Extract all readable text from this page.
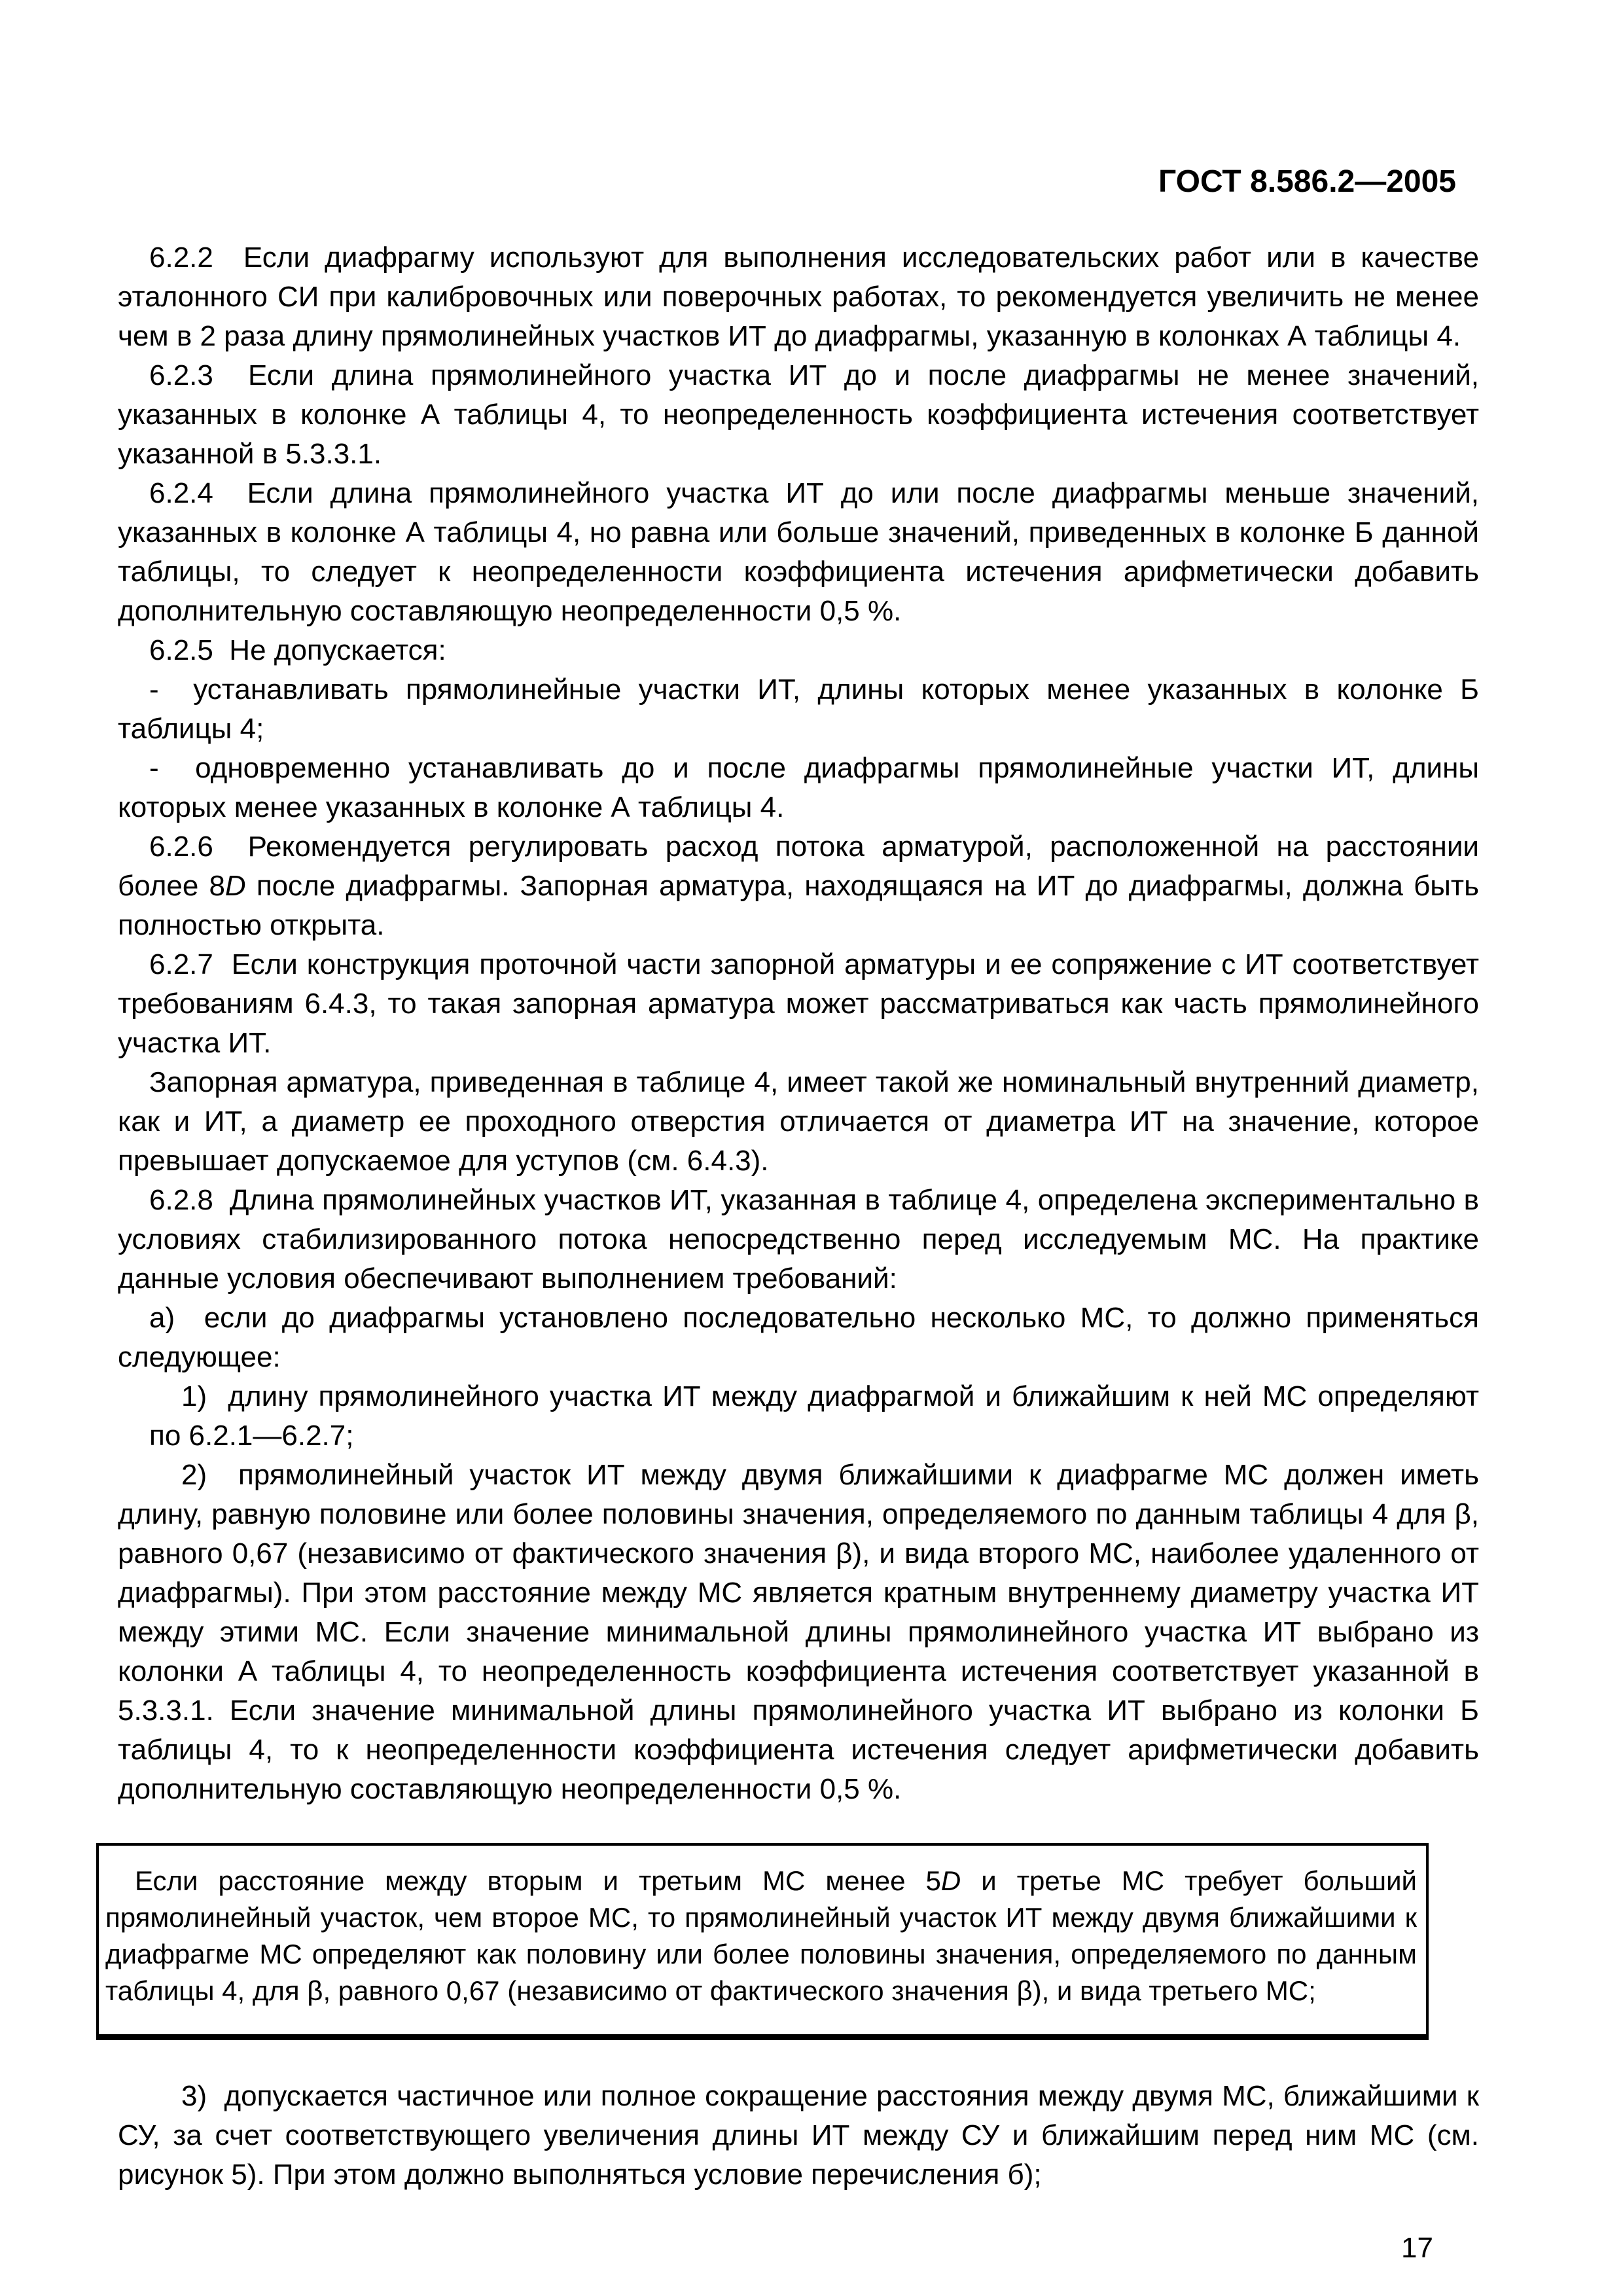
ГОСТ 8.586.2—2005

6.2.2  Если диафрагму используют для выполнения исследовательских работ или в качестве эталонного СИ при калибровочных или поверочных работах, то рекомендуется увеличить не менее чем в 2 раза длину прямолинейных участков ИТ до диафрагмы, указанную в колонках А таблицы 4.

6.2.3  Если длина прямолинейного участка ИТ до и после диафрагмы не менее значений, указанных в колонке А таблицы 4, то неопределенность коэффициента истечения соответствует указанной в 5.3.3.1.

6.2.4  Если длина прямолинейного участка ИТ до или после диафрагмы меньше значений, указанных в колонке А таблицы 4, но равна или больше значений, приведенных в колонке Б данной таблицы, то следует к неопределенности коэффициента истечения арифметически добавить дополнительную составляющую неопределенности 0,5 %.

6.2.5  Не допускается:

-  устанавливать прямолинейные участки ИТ, длины которых менее указанных в колонке Б таблицы 4;

-  одновременно устанавливать до и после диафрагмы прямолинейные участки ИТ, длины которых менее указанных в колонке А таблицы 4.

6.2.6  Рекомендуется регулировать расход потока арматурой, расположенной на расстоянии более 8D после диафрагмы. Запорная арматура, находящаяся на ИТ до диафрагмы, должна быть полностью открыта.

6.2.7  Если конструкция проточной части запорной арматуры и ее сопряжение с ИТ соответствует требованиям 6.4.3, то такая запорная арматура может рассматриваться как часть прямолинейного участка ИТ.

Запорная арматура, приведенная в таблице 4, имеет такой же номинальный внутренний диаметр, как и ИТ, а диаметр ее проходного отверстия отличается от диаметра ИТ на значение, которое превышает допускаемое для уступов (см. 6.4.3).

6.2.8  Длина прямолинейных участков ИТ, указанная в таблице 4, определена экспериментально в условиях стабилизированного потока непосредственно перед исследуемым МС. На практике данные условия обеспечивают выполнением требований:

а)  если до диафрагмы установлено последовательно несколько МС, то должно применяться следующее:

1)  длину прямолинейного участка ИТ между диафрагмой и ближайшим к ней МС определяют по 6.2.1—6.2.7;

2)  прямолинейный участок ИТ между двумя ближайшими к диафрагме МС должен иметь длину, равную половине или более половины значения, определяемого по данным таблицы 4 для β, равного 0,67 (независимо от фактического значения β), и вида второго МС, наиболее удаленного от диафрагмы). При этом расстояние между МС является кратным внутреннему диаметру участка ИТ между этими МС. Если значение минимальной длины прямолинейного участка ИТ выбрано из колонки А таблицы 4, то неопределенность коэффициента истечения соответствует указанной в 5.3.3.1. Если значение минимальной длины прямолинейного участка ИТ выбрано из колонки Б таблицы 4, то к неопределенности коэффициента истечения следует арифметически добавить дополнительную составляющую неопределенности 0,5 %.

Если расстояние между вторым и третьим МС менее 5D и третье МС требует больший прямолинейный участок, чем второе МС, то прямолинейный участок ИТ между двумя ближайшими к диафрагме МС определяют как половину или более половины значения, определяемого по данным таблицы 4, для β, равного 0,67 (независимо от фактического значения β), и вида третьего МС;

3)  допускается частичное или полное сокращение расстояния между двумя МС, ближайшими к СУ, за счет соответствующего увеличения длины ИТ между СУ и ближайшим перед ним МС (см. рисунок 5). При этом должно выполняться условие перечисления б);

17
